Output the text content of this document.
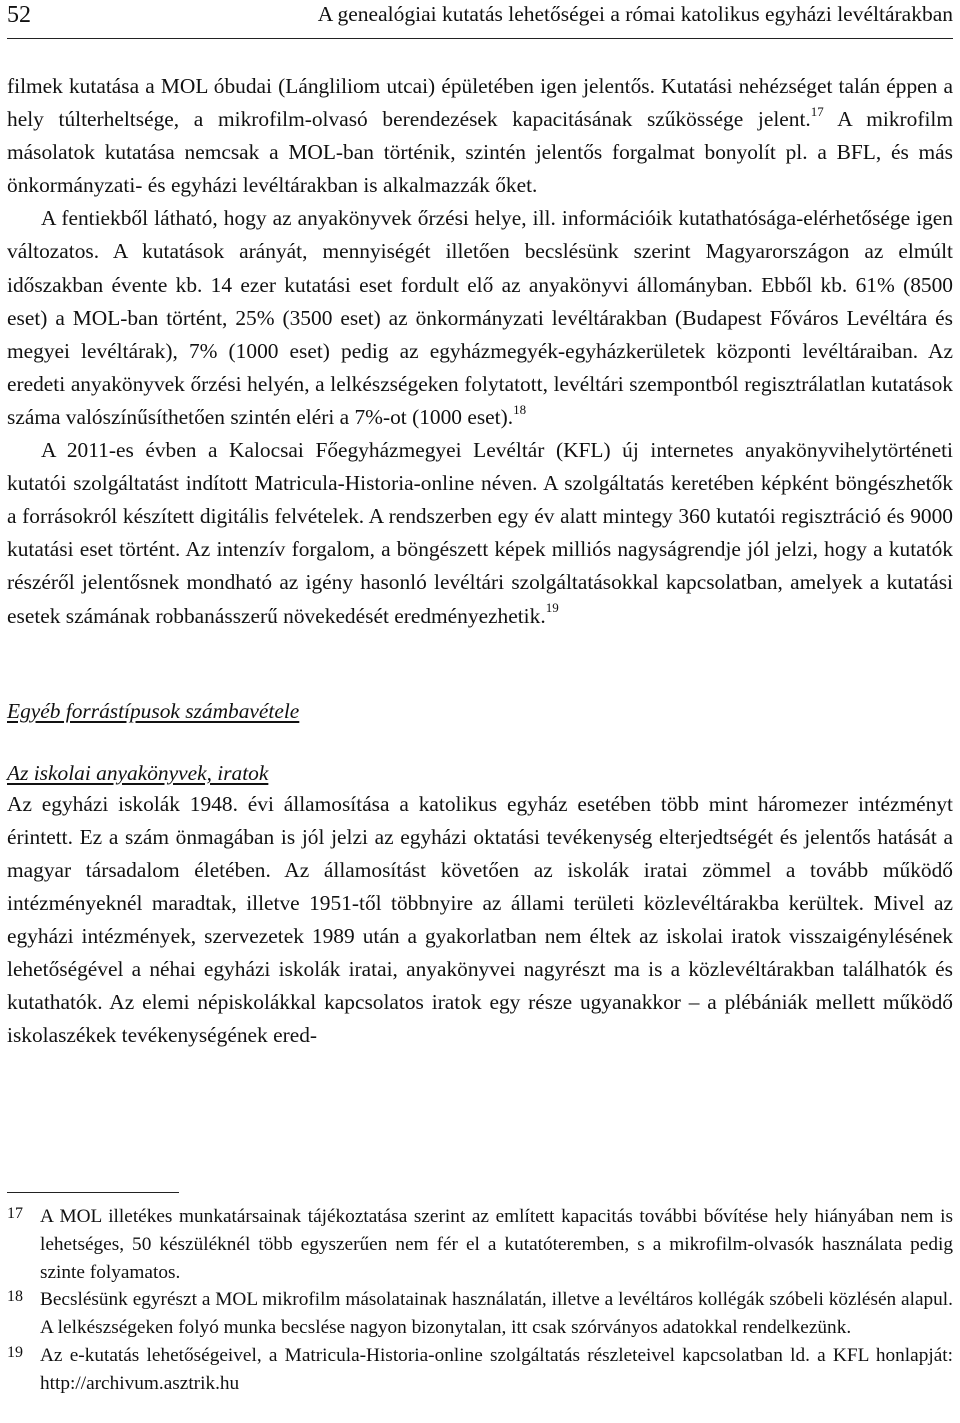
52	A genealógiai kutatás lehetőségei a római katolikus egyházi levéltárakban

filmek kutatása a MOL óbudai (Lángliliom utcai) épületében igen jelentős. Kutatási nehézséget talán éppen a hely túlterheltsége, a mikrofilm-olvasó berendezések kapacitásának szűkössége jelent.$^{17}$ A mikrofilm másolatok kutatása nemcsak a MOL-ban történik, szintén jelentős forgalmat bonyolít pl. a BFL, és más önkormányzati- és egyházi levéltárakban is alkalmazzák őket.

A fentiekből látható, hogy az anyakönyvek őrzési helye, ill. információik kutathatósága-elérhetősége igen változatos. A kutatások arányát, mennyiségét illetően becslésünk szerint Magyarországon az elmúlt időszakban évente kb. 14 ezer kutatási eset fordult elő az anyakönyvi állományban. Ebből kb. 61% (8500 eset) a MOL-ban történt, 25% (3500 eset) az önkormányzati levéltárakban (Budapest Főváros Levéltára és megyei levéltárak), 7% (1000 eset) pedig az egyházmegyék-egyházkerületek központi levéltáraiban. Az eredeti anyakönyvek őrzési helyén, a lelkészségeken folytatott, levéltári szempontból regisztrálatlan kutatások száma valószínűsíthetően szintén eléri a 7%-ot (1000 eset).$^{18}$

A 2011-es évben a Kalocsai Főegyházmegyei Levéltár (KFL) új internetes anyakönyvihelytörténeti kutatói szolgáltatást indított Matricula-Historia-online néven. A szolgáltatás keretében képként böngészhetők a forrásokról készített digitális felvételek. A rendszerben egy év alatt mintegy 360 kutatói regisztráció és 9000 kutatási eset történt. Az intenzív forgalom, a böngészett képek milliós nagyságrendje jól jelzi, hogy a kutatók részéről jelentősnek mondható az igény hasonló levéltári szolgáltatásokkal kapcsolatban, amelyek a kutatási esetek számának robbanásszerű növekedését eredményezhetik.$^{19}$

Egyéb forrástípusok számbavétele
Az iskolai anyakönyvek, iratok

Az egyházi iskolák 1948. évi államosítása a katolikus egyház esetében több mint háromezer intézményt érintett. Ez a szám önmagában is jól jelzi az egyházi oktatási tevékenység elterjedtségét és jelentős hatását a magyar társadalom életében. Az államosítást követően az iskolák iratai zömmel a tovább működő intézményeknél maradtak, illetve 1951-től többnyire az állami területi közlevéltárakba kerültek. Mivel az egyházi intézmények, szervezetek 1989 után a gyakorlatban nem éltek az iskolai iratok visszaigénylésének lehetőségével a néhai egyházi iskolák iratai, anyakönyvei nagyrészt ma is a közlevéltárakban találhatók és kutathatók. Az elemi népiskolákkal kapcsolatos iratok egy része ugyanakkor – a plébániák mellett működő iskolaszékek tevékenységének ered-

17 A MOL illetékes munkatársainak tájékoztatása szerint az említett kapacitás további bővítése hely hiányában nem is lehetséges, 50 készüléknél több egyszerűen nem fér el a kutatóteremben, s a mikrofilm-olvasók használata pedig szinte folyamatos.
18 Becslésünk egyrészt a MOL mikrofilm másolatainak használatán, illetve a levéltáros kollégák szóbeli közlésén alapul. A lelkészségeken folyó munka becslése nagyon bizonytalan, itt csak szórványos adatokkal rendelkezünk.
19 Az e-kutatás lehetőségeivel, a Matricula-Historia-online szolgáltatás részleteivel kapcsolatban ld. a KFL honlapját: http://archivum.asztrik.hu
